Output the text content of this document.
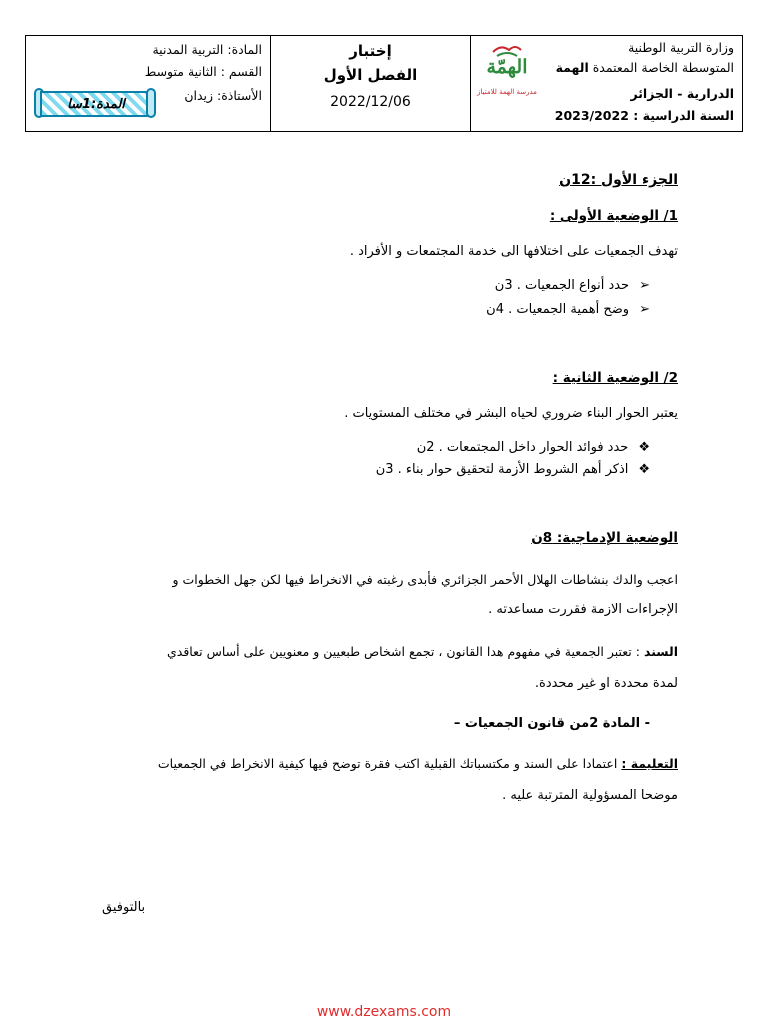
المادة: التربية المدنية
القسم : الثانية متوسط
الأستاذة: زيدان
المدة:1سا
إختبار
الفصل الأول
2022/12/06
وزارة التربية الوطنية
المتوسطة الخاصة المعتمدة الهمة
الدرارية - الجزائر
السنة الدراسية : 2023/2022
الهمّة
مدرسة الهمة للامتياز
الجزء الأول :12ن
1/ الوضعية الأولى :
تهدف الجمعيات على اختلافها الى خدمة المجتمعات و الأفراد .
➢حدد أنواع الجمعيات . 3ن
➢وضح أهمية الجمعيات . 4ن
2/ الوضعية الثانية :
يعتبر الحوار البناء ضروري لحياه البشر في مختلف المستويات .
❖حدد فوائد الحوار داخل المجتمعات . 2ن
❖اذكر أهم الشروط الأزمة لتحقيق حوار بناء . 3ن
الوضعية الإدماجية: 8ن
اعجب والدك بنشاطات الهلال الأحمر الجزائري فأبدى رغبته في الانخراط فيها لكن جهل الخطوات و
الإجراءات الازمة فقررت مساعدته .
السند : تعتبر الجمعية في مفهوم هدا القانون ، تجمع اشخاص طبعيين و معنويين على أساس تعاقدي
لمدة محددة او غير محددة.
- المادة 2من قانون الجمعيات –
التعليمة : اعتمادا على السند و مكتسباتك القبلية اكتب فقرة توضح فيها كيفية الانخراط في الجمعيات
موضحا المسؤولية المترتبة عليه .
بالتوفيق
www.dzexams.com
